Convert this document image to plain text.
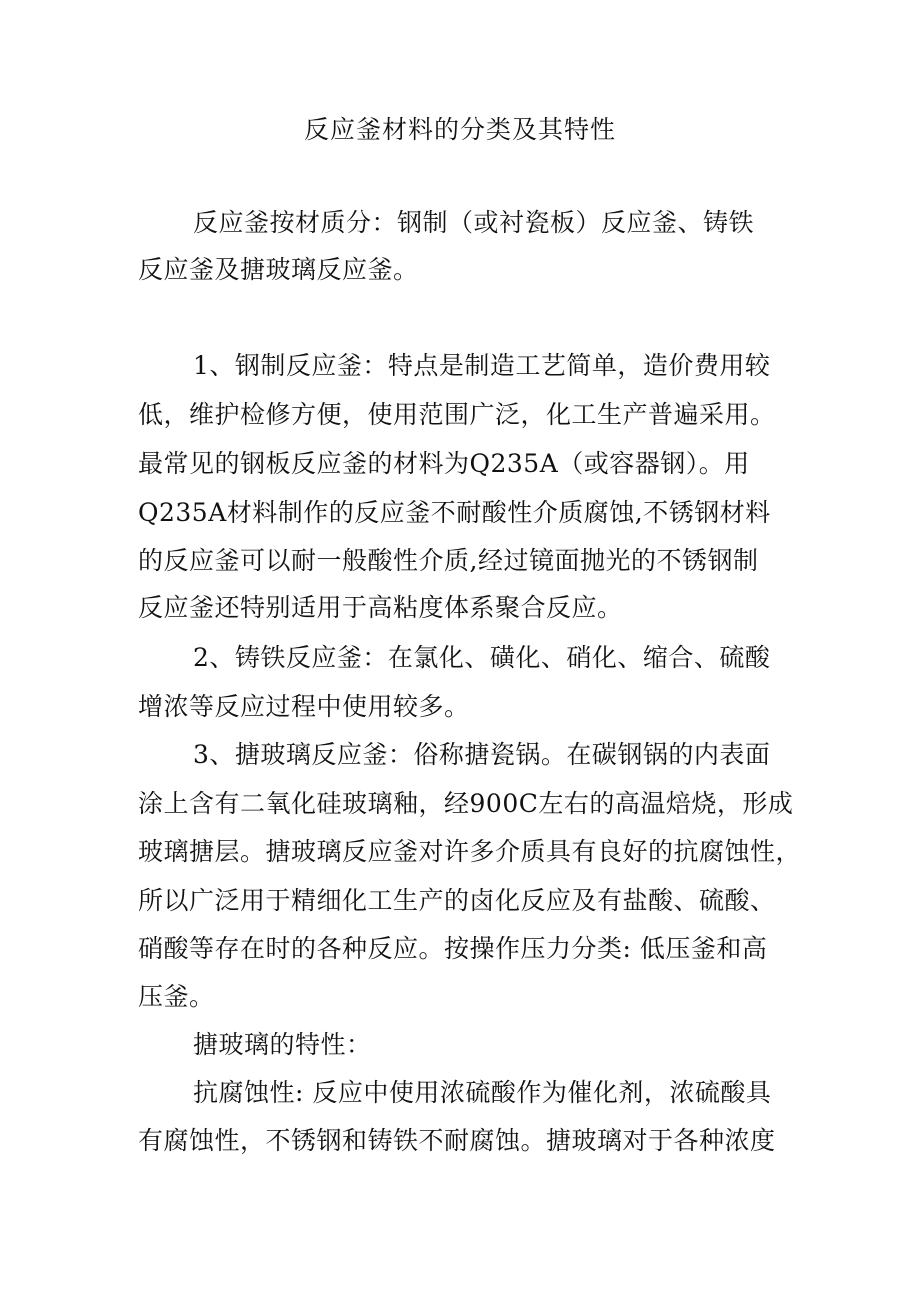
反应釜材料的分类及其特性
反应釜按材质分：钢制（或衬瓷板）反应釜、铸铁
反应釜及搪玻璃反应釜。
1、钢制反应釜：特点是制造工艺简单，造价费用较
低，维护检修方便，使用范围广泛，化工生产普遍采用。
最常见的钢板反应釜的材料为Q235A（或容器钢）。用
Q235A材料制作的反应釜不耐酸性介质腐蚀,不锈钢材料
的反应釜可以耐一般酸性介质,经过镜面抛光的不锈钢制
反应釜还特别适用于高粘度体系聚合反应。
2、铸铁反应釜：在氯化、磺化、硝化、缩合、硫酸
增浓等反应过程中使用较多。
3、搪玻璃反应釜：俗称搪瓷锅。在碳钢锅的内表面
涂上含有二氧化硅玻璃釉，经900C左右的高温焙烧，形成
玻璃搪层。搪玻璃反应釜对许多介质具有良好的抗腐蚀性，
所以广泛用于精细化工生产的卤化反应及有盐酸、硫酸、
硝酸等存在时的各种反应。按操作压力分类: 低压釜和高
压釜。
搪玻璃的特性：
抗腐蚀性: 反应中使用浓硫酸作为催化剂，浓硫酸具
有腐蚀性，不锈钢和铸铁不耐腐蚀。搪玻璃对于各种浓度
